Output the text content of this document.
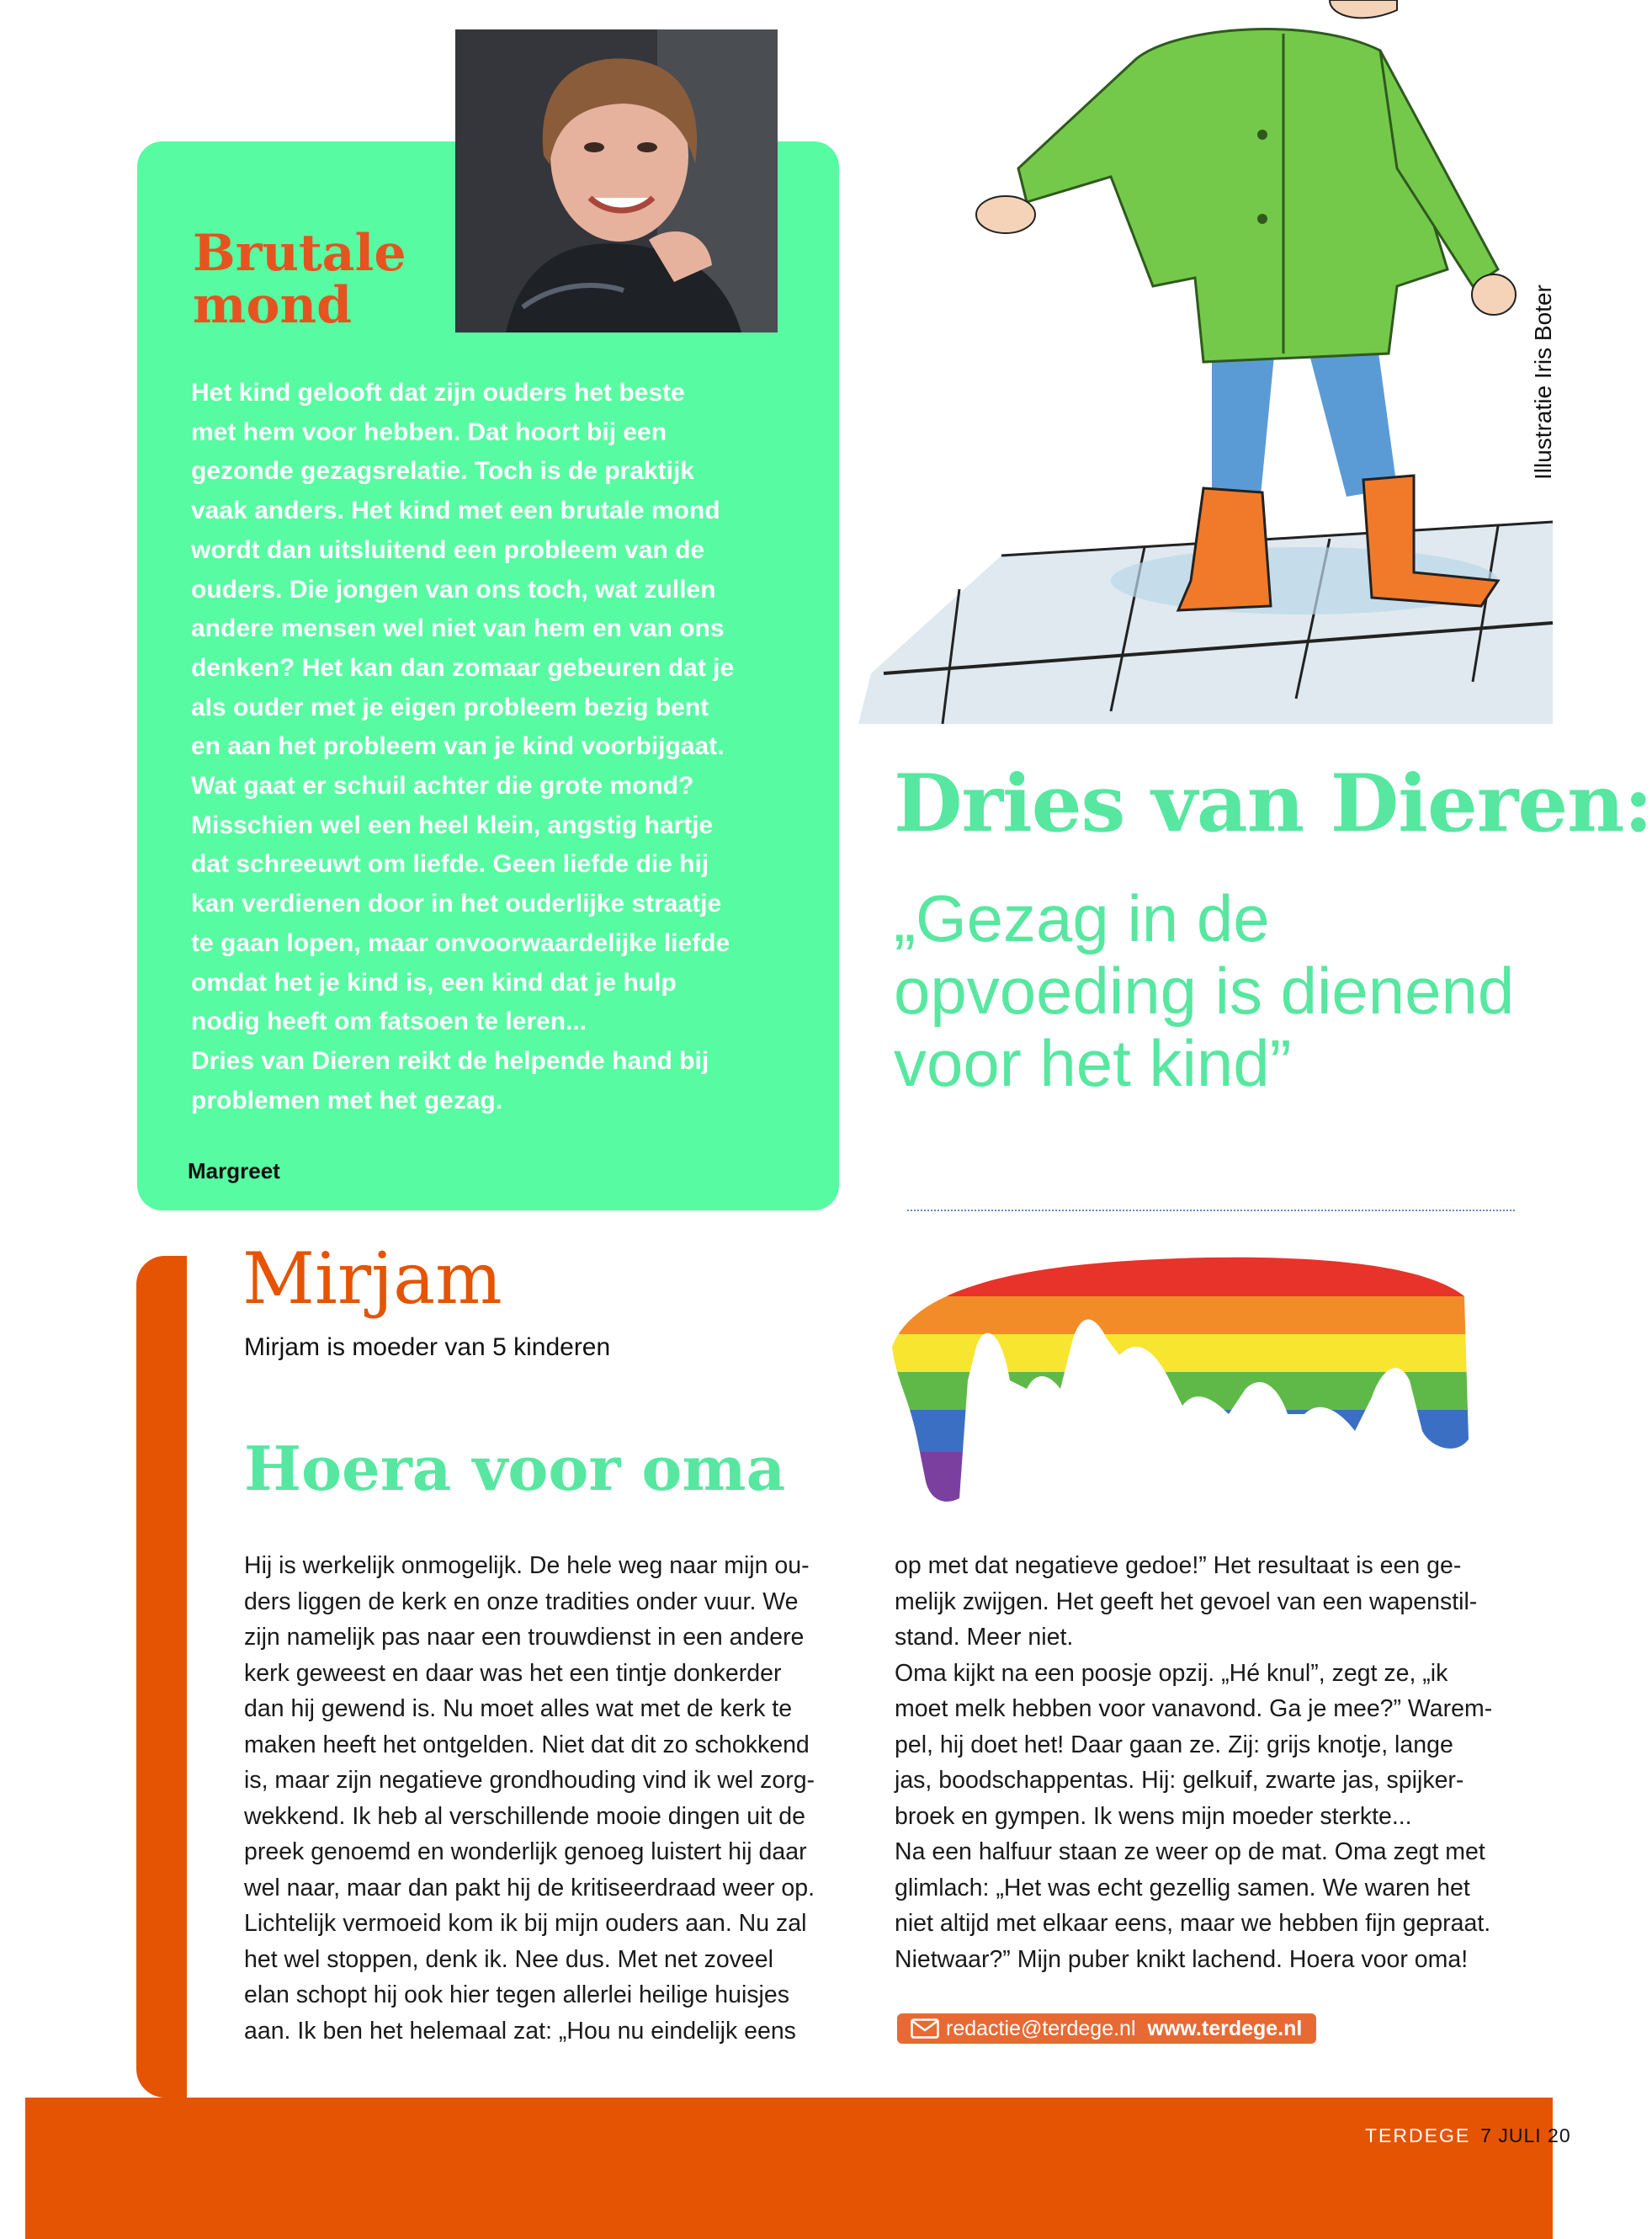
Brutale
mond

Het kind gelooft dat zijn ouders het beste

met hem voor hebben. Dat hoort bij een

gezonde gezagsrelatie. Toch is de praktijk

vaak anders. Het kind met een brutale mond

wordt dan uitsluitend een probleem van de

ouders. Die jongen van ons toch, wat zullen

andere mensen wel niet van hem en van ons

denken? Het kan dan zomaar gebeuren dat je

als ouder met je eigen probleem bezig bent

en aan het probleem van je kind voorbijgaat.

Wat gaat er schuil achter die grote mond?

Misschien wel een heel klein, angstig hartje

dat schreeuwt om liefde. Geen liefde die hij

kan verdienen door in het ouderlijke straatje

te gaan lopen, maar onvoorwaardelijke liefde

omdat het je kind is, een kind dat je hulp

nodig heeft om fatsoen te leren...

Dries van Dieren reikt de helpende hand bij

problemen met het gezag.

Margreet
Illustratie Iris Boter
Dries van Dieren:
„Gezag in de
opvoeding is dienend
voor het kind”
Mirjam
Mirjam is moeder van 5 kinderen
Hoera voor oma
Hij is werkelijk onmogelijk. De hele weg naar mijn ou-
ders liggen de kerk en onze tradities onder vuur. We
zijn namelijk pas naar een trouwdienst in een andere
kerk geweest en daar was het een tintje donkerder
dan hij gewend is. Nu moet alles wat met de kerk te
maken heeft het ontgelden. Niet dat dit zo schokkend
is, maar zijn negatieve grondhouding vind ik wel zorg-
wekkend. Ik heb al verschillende mooie dingen uit de
preek genoemd en wonderlijk genoeg luistert hij daar
wel naar, maar dan pakt hij de kritiseerdraad weer op.
Lichtelijk vermoeid kom ik bij mijn ouders aan. Nu zal
het wel stoppen, denk ik. Nee dus. Met net zoveel
elan schopt hij ook hier tegen allerlei heilige huisjes
aan. Ik ben het helemaal zat: „Hou nu eindelijk eens
op met dat negatieve gedoe!” Het resultaat is een ge-
melijk zwijgen. Het geeft het gevoel van een wapenstil-
stand. Meer niet.
Oma kijkt na een poosje opzij. „Hé knul”, zegt ze, „ik
moet melk hebben voor vanavond. Ga je mee?” Warem-
pel, hij doet het! Daar gaan ze. Zij: grijs knotje, lange
jas, boodschappentas. Hij: gelkuif, zwarte jas, spijker-
broek en gympen. Ik wens mijn moeder sterkte...
Na een halfuur staan ze weer op de mat. Oma zegt met
glimlach: „Het was echt gezellig samen. We waren het
niet altijd met elkaar eens, maar we hebben fijn gepraat.
Nietwaar?” Mijn puber knikt lachend. Hoera voor oma!
redactie@terdege.nl www.terdege.nl
TERDEGE 7 JULI 20
